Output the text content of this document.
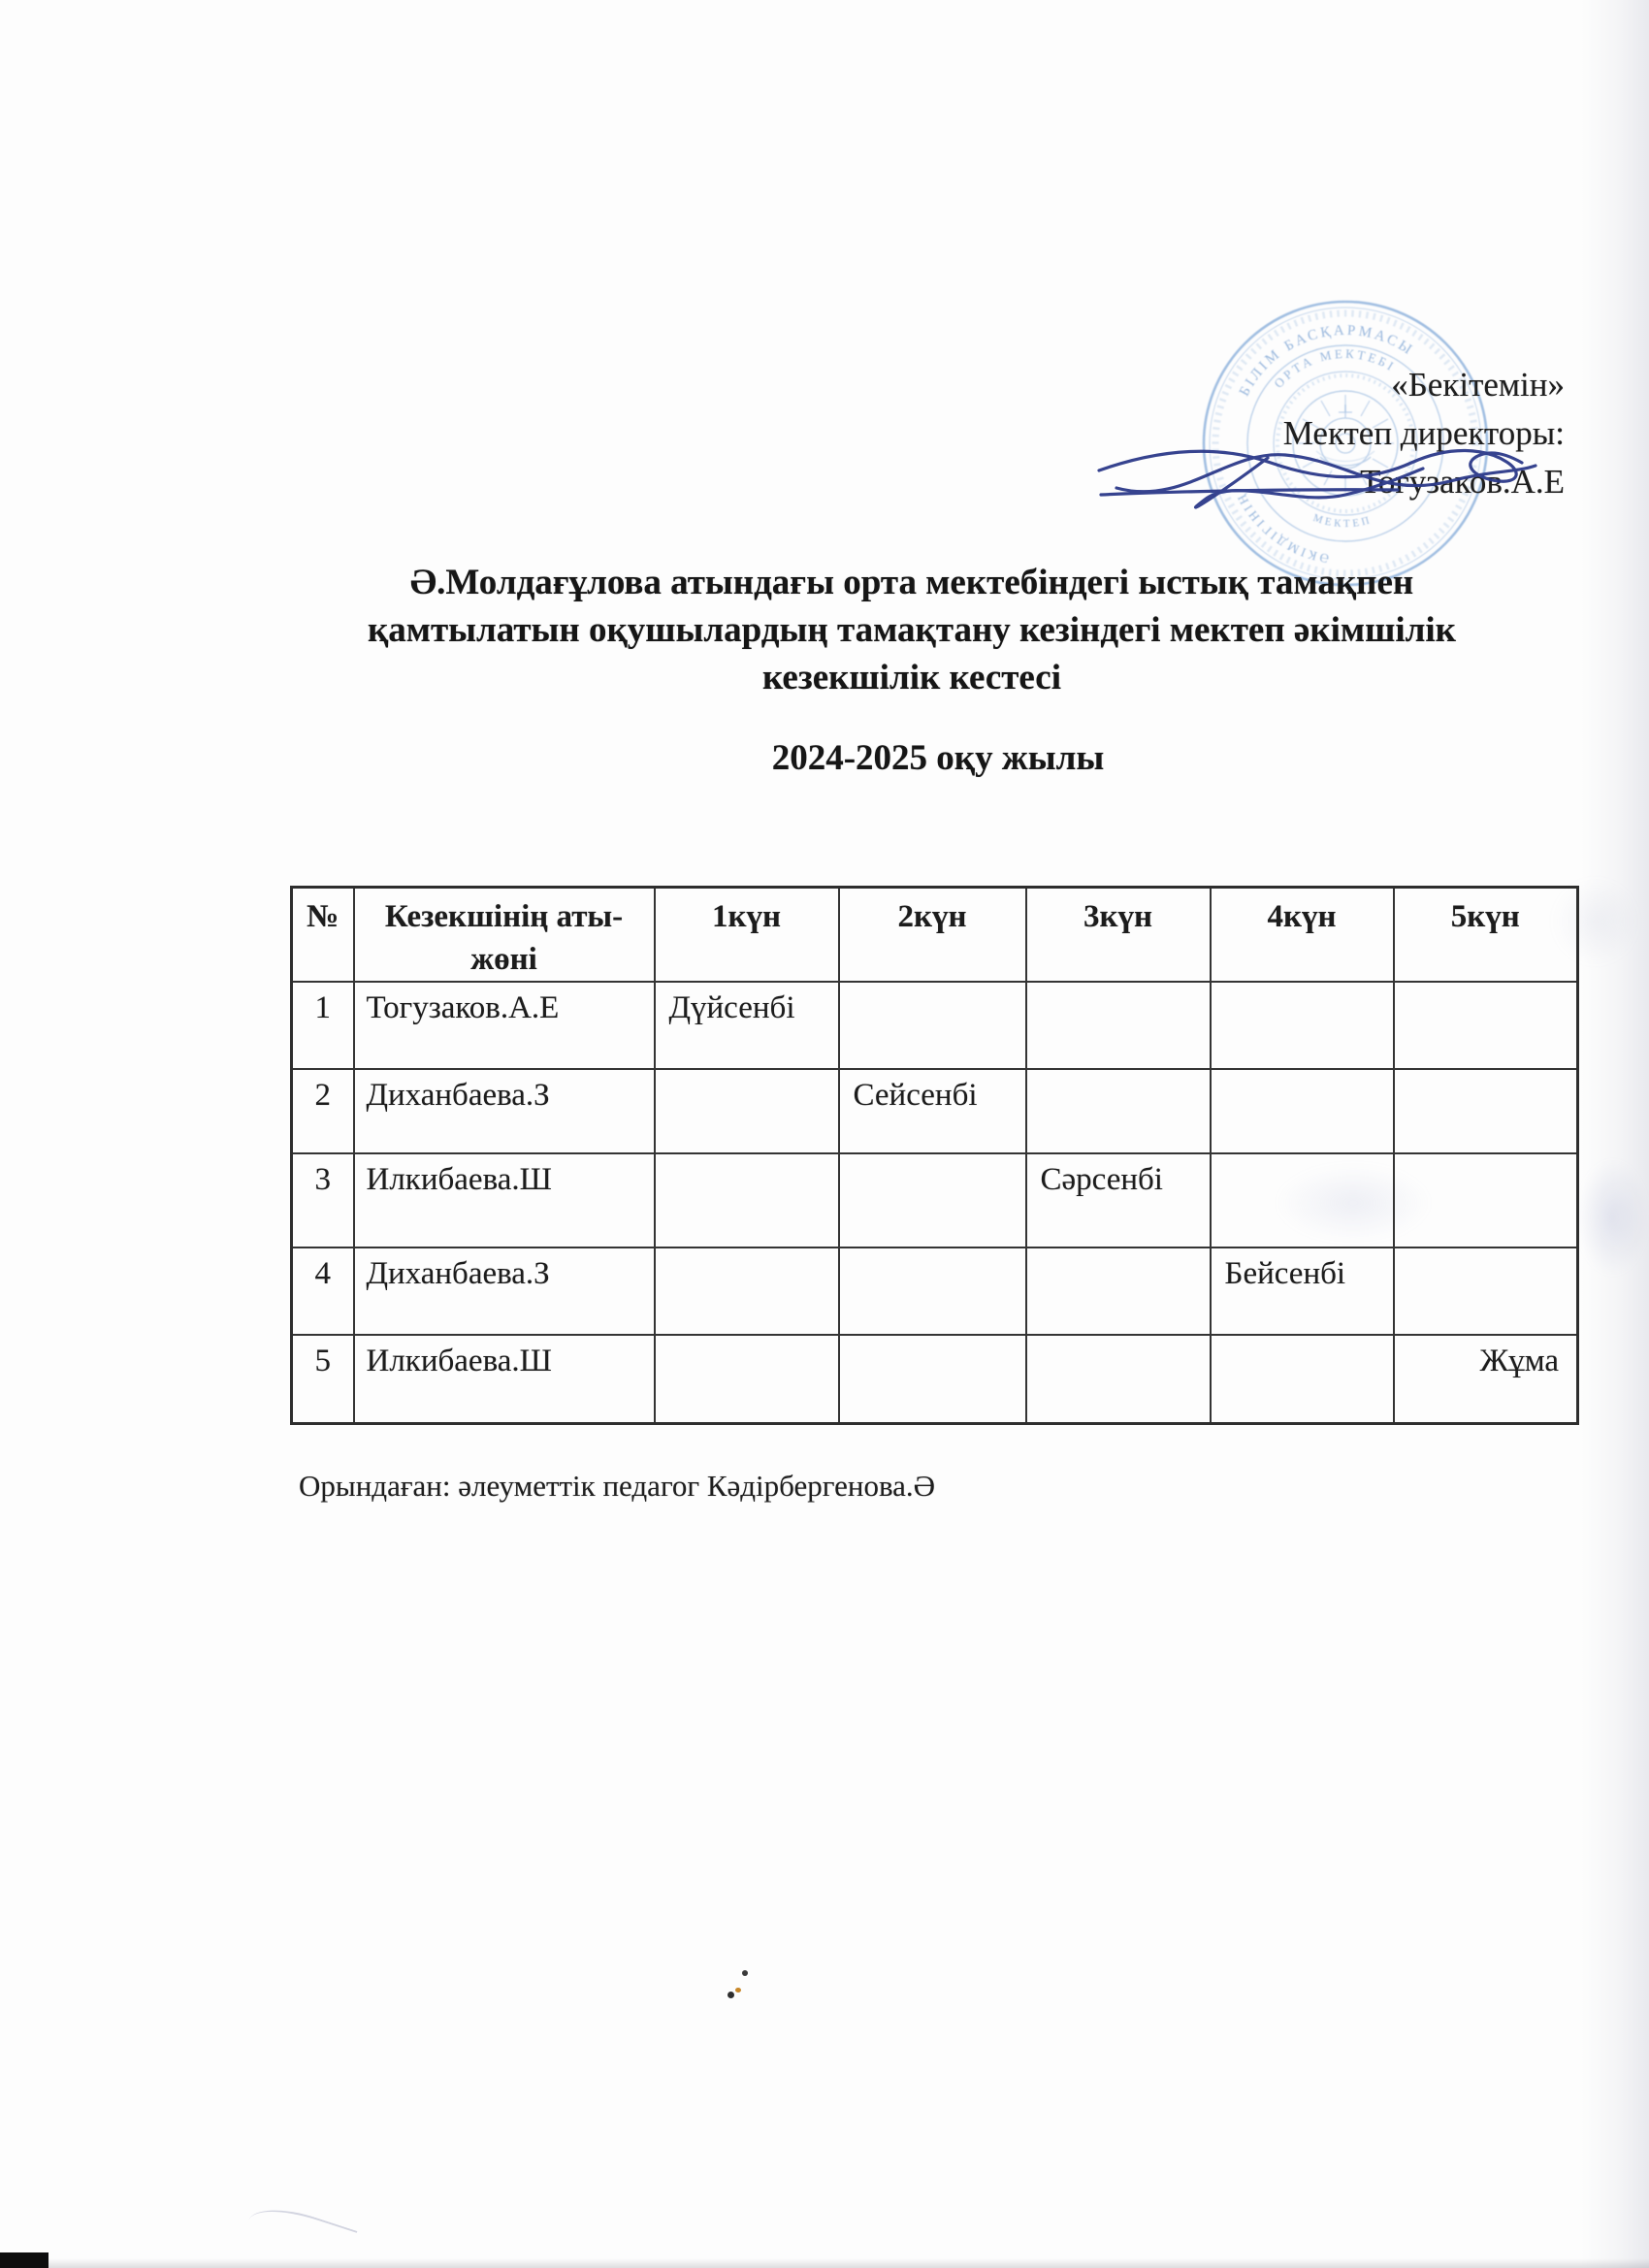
БІЛІМ БАСҚАРМАСЫ
ӘКІМДІГІНІҢ
ОРТА МЕКТЕБІ
МЕКТЕП
«Бекітемін»
Мектеп директоры:
Тогузаков.А.Е
Ә.Молдағұлова атындағы орта мектебіндегі ыстық тамақпен
қамтылатын оқушылардың тамақтану кезіндегі мектеп әкімшілік
кезекшілік кестесі
2024-2025 оқу жылы
№	Кезекшінің аты-жөні	1күн	2күн	3күн	4күн	5күн
1	Тогузаков.А.Е	Дүйсенбі				
2	Диханбаева.З		Сейсенбі			
3	Илкибаева.Ш			Сәрсенбі		
4	Диханбаева.З				Бейсенбі	
5	Илкибаева.Ш					Жұма
Орындаған: әлеуметтік педагог Кәдірбергенова.Ә
